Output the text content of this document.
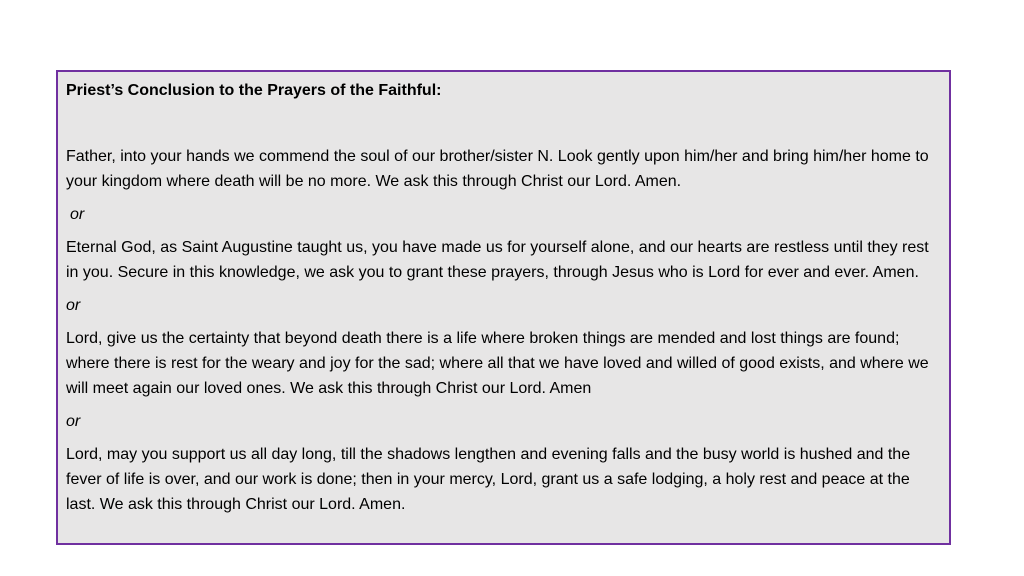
Priest’s Conclusion to the Prayers of the Faithful:

Father, into your hands we commend the soul of our brother/sister N. Look gently upon him/her and bring him/her home to your kingdom where death will be no more. We ask this through Christ our Lord. Amen.

or

Eternal God, as Saint Augustine taught us, you have made us for yourself alone, and our hearts are restless until they rest in you. Secure in this knowledge, we ask you to grant these prayers, through Jesus who is Lord for ever and ever. Amen.

or

Lord, give us the certainty that beyond death there is a life where broken things are mended and lost things are found; where there is rest for the weary and joy for the sad; where all that we have loved and willed of good exists, and where we will meet again our loved ones. We ask this through Christ our Lord. Amen

or

Lord, may you support us all day long, till the shadows lengthen and evening falls and the busy world is hushed and the fever of life is over, and our work is done; then in your mercy, Lord, grant us a safe lodging, a holy rest and peace at the last. We ask this through Christ our Lord. Amen.
